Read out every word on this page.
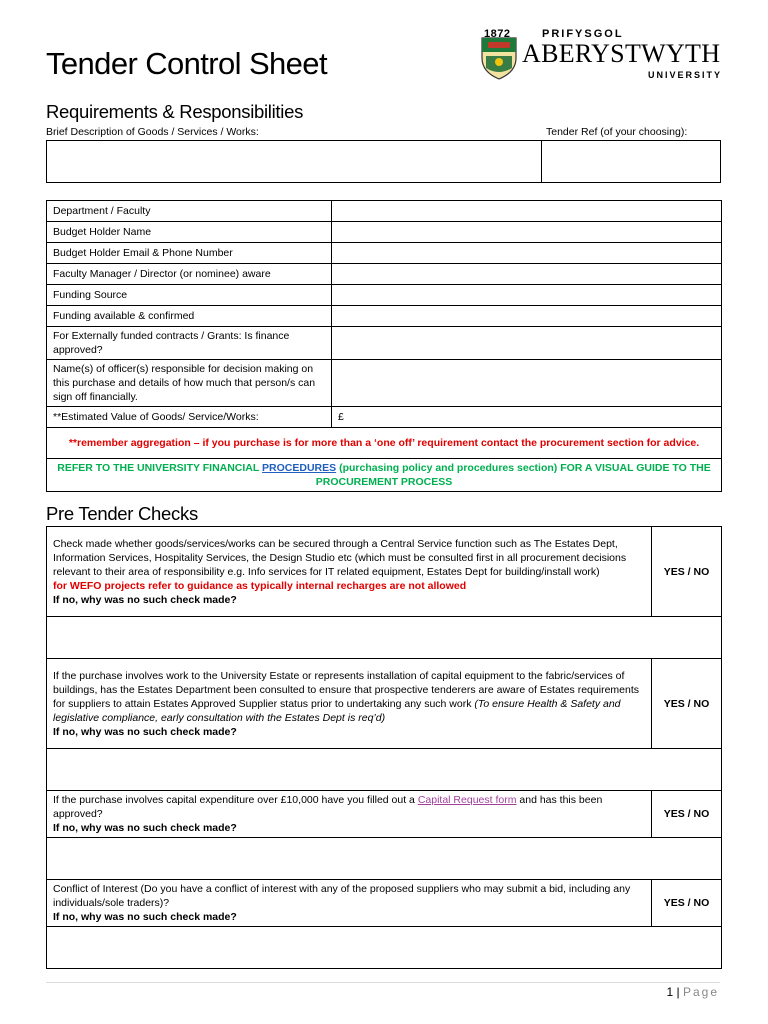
Tender Control Sheet
1872	PRIFYSGOL
ABERYSTWYTH
UNIVERSITY
Requirements & Responsibilities
Brief Description of Goods / Services / Works:	Tender Ref (of your choosing):
Department / Faculty	
Budget Holder Name	
Budget Holder Email & Phone Number	
Faculty Manager / Director (or nominee) aware	
Funding Source	
Funding available & confirmed	
For Externally funded contracts / Grants: Is finance approved?	
Name(s) of officer(s) responsible for decision making on this purchase and details of how much that person/s can sign off financially.	
**Estimated Value of Goods/ Service/Works:	£
**remember aggregation – if you purchase is for more than a ‘one off’ requirement contact the procurement section for advice.	
REFER TO THE UNIVERSITY FINANCIAL PROCEDURES (purchasing policy and procedures section) FOR A VISUAL GUIDE TO THE PROCUREMENT PROCESS	
Pre Tender Checks
Check made whether goods/services/works can be secured through a Central Service function such as The Estates Dept, Information Services, Hospitality Services, the Design Studio etc (which must be consulted first in all procurement decisions relevant to their area of responsibility e.g. Info services for IT related equipment, Estates Dept for building/install work)
for WEFO projects refer to guidance as typically internal recharges are not allowed
If no, why was no such check made?	YES / NO

If the purchase involves work to the University Estate or represents installation of capital equipment to the fabric/services of buildings, has the Estates Department been consulted to ensure that prospective tenderers are aware of Estates requirements for suppliers to attain Estates Approved Supplier status prior to undertaking any such work (To ensure Health & Safety and legislative compliance, early consultation with the Estates Dept is req’d)
If no, why was no such check made?	YES / NO

If the purchase involves capital expenditure over £10,000 have you filled out a Capital Request form and has this been approved?
If no, why was no such check made?	YES / NO

Conflict of Interest (Do you have a conflict of interest with any of the proposed suppliers who may submit a bid, including any individuals/sole traders)?
If no, why was no such check made?	YES / NO

1 | Page
